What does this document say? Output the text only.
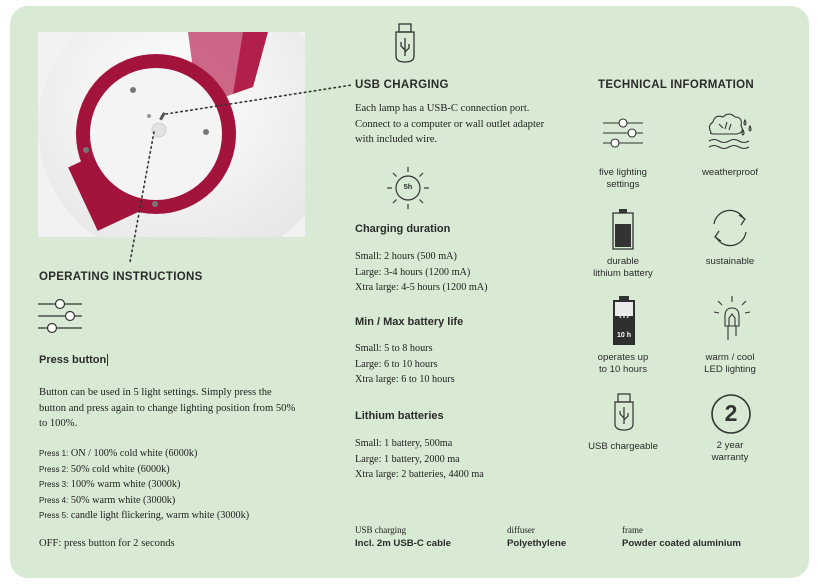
OPERATING INSTRUCTIONS
Press button
Button can be used in 5 light settings. Simply press the button and press again to change lighting position from 50% to 100%.
Press 1: ON / 100% cold white (6000k)
Press 2: 50% cold white (6000k)
Press 3: 100% warm white (3000k)
Press 4: 50% warm white (3000k)
Press 5: candle light flickering, warm white (3000k)
OFF: press button for 2 seconds
USB CHARGING
Each lamp has a USB-C connection port. Connect to a computer or wall outlet adapter with included wire.
5h
Charging duration
Small: 2 hours (500 mA)
Large: 3-4 hours (1200 mA)
Xtra large: 4-5 hours (1200 mA)
Min / Max battery life
Small: 5 to 8 hours
Large: 6 to 10 hours
Xtra large: 6 to 10 hours
Lithium batteries
Small: 1 battery, 500ma
Large: 1 battery, 2000 ma
Xtra large: 2 batteries, 4400 ma
USB charging
Incl. 2m USB-C cable
diffuser
Polyethylene
frame
Powder coated aluminium
TECHNICAL INFORMATION
five lighting
settings
weatherproof
durable
lithium battery
sustainable
10 h
operates up
to 10 hours
warm / cool
LED lighting
USB chargeable
2
2 year
warranty
